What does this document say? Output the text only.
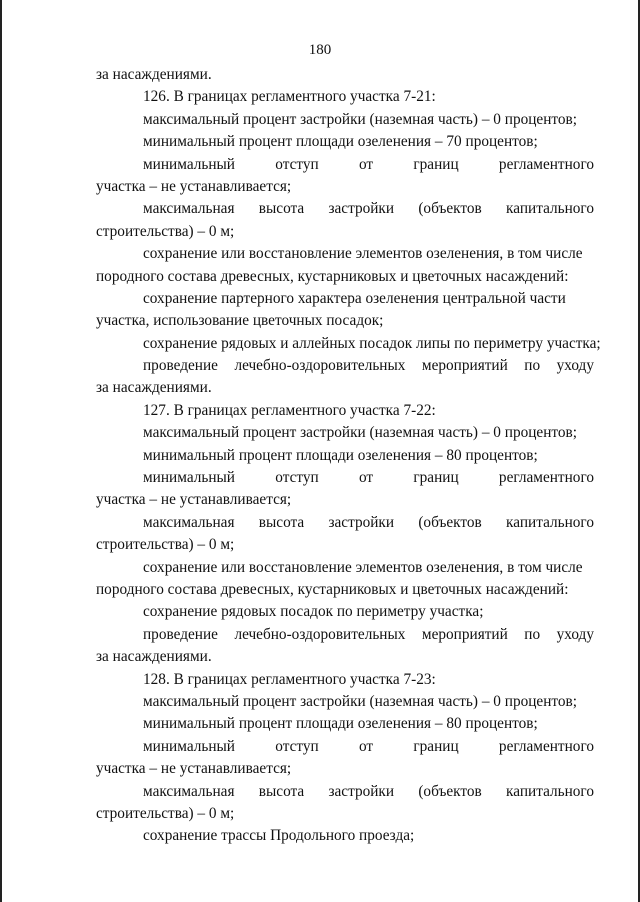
180
за насаждениями.
126. В границах регламентного участка 7-21:
максимальный процент застройки (наземная часть) – 0 процентов;
минимальный процент площади озеленения – 70 процентов;
минимальный	отступ	от	границ	регламентного
участка – не устанавливается;
максимальная высота застройки (объектов капитального
строительства) – 0 м;
сохранение или восстановление элементов озеленения, в том числе
породного состава древесных, кустарниковых и цветочных насаждений:
сохранение партерного характера озеленения центральной части
участка, использование цветочных посадок;
сохранение рядовых и аллейных посадок липы по периметру участка;
проведение лечебно-оздоровительных мероприятий по уходу
за насаждениями.
127. В границах регламентного участка 7-22:
максимальный процент застройки (наземная часть) – 0 процентов;
минимальный процент площади озеленения – 80 процентов;
минимальный	отступ	от	границ	регламентного
участка – не устанавливается;
максимальная высота застройки (объектов капитального
строительства) – 0 м;
сохранение или восстановление элементов озеленения, в том числе
породного состава древесных, кустарниковых и цветочных насаждений:
сохранение рядовых посадок по периметру участка;
проведение лечебно-оздоровительных мероприятий по уходу
за насаждениями.
128. В границах регламентного участка 7-23:
максимальный процент застройки (наземная часть) – 0 процентов;
минимальный процент площади озеленения – 80 процентов;
минимальный	отступ	от	границ	регламентного
участка – не устанавливается;
максимальная высота застройки (объектов капитального
строительства) – 0 м;
сохранение трассы Продольного проезда;
